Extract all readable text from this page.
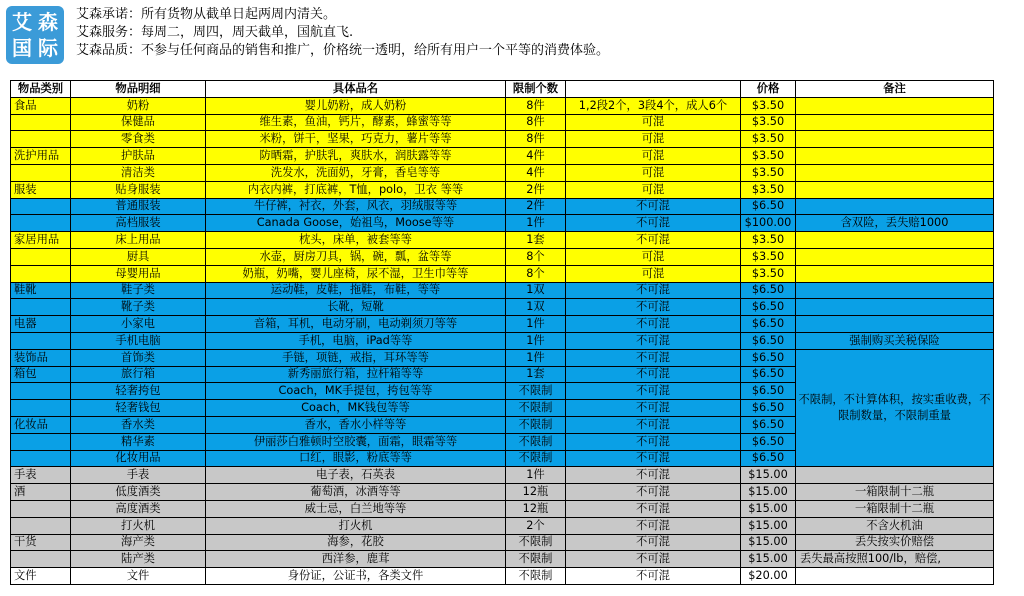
艾 森
国 际
艾森承诺：所有货物从截单日起两周内清关。
艾森服务：每周二，周四，周天截单，国航直飞.
艾森品质：不参与任何商品的销售和推广，价格统一透明，给所有用户一个平等的消费体验。
物品类别	物品明细	具体品名	限制个数		价格	备注
食品	奶粉	婴儿奶粉，成人奶粉	8件	1,2段2个，3段4个，成人6个	$3.50	
	保健品	维生素，鱼油，钙片，酵素，蜂蜜等等	8件	可混	$3.50	
	零食类	米粉，饼干，坚果，巧克力，薯片等等	8件	可混	$3.50	
洗护用品	护肤品	防晒霜，护肤乳，爽肤水，润肤露等等	4件	可混	$3.50	
	清洁类	洗发水，洗面奶，牙膏，香皂等等	4件	可混	$3.50	
服装	贴身服装	内衣内裤，打底裤，T恤，polo，卫衣 等等	2件	可混	$3.50	
	普通服装	牛仔裤，衬衣，外套，风衣，羽绒服等等	2件	不可混	$6.50	
	高档服装	Canada Goose，始祖鸟，Moose等等	1件	不可混	$100.00	含双险，丢失赔1000
家居用品	床上用品	枕头，床单，被套等等	1套	不可混	$3.50	
	厨具	水壶，厨房刀具，锅，碗，瓢，盆等等	8个	可混	$3.50	
	母婴用品	奶瓶，奶嘴，婴儿座椅，尿不湿，卫生巾等等	8个	可混	$3.50	
鞋靴	鞋子类	运动鞋，皮鞋，拖鞋，布鞋，等等	1双	不可混	$6.50	
	靴子类	长靴，短靴	1双	不可混	$6.50	
电器	小家电	音箱，耳机，电动牙刷，电动剃须刀等等	1件	不可混	$6.50	
	手机电脑	手机，电脑，iPad等等	1件	不可混	$6.50	强制购买关税保险
装饰品	首饰类	手链，项链，戒指，耳环等等	1件	不可混	$6.50	不限制，不计算体积，按实重收费，不限制数量，不限制重量
箱包	旅行箱	新秀丽旅行箱，拉杆箱等等	1套	不可混	$6.50	
	轻奢挎包	Coach，MK手提包，挎包等等	不限制	不可混	$6.50	
	轻奢钱包	Coach，MK钱包等等	不限制	不可混	$6.50	
化妆品	香水类	香水，香水小样等等	不限制	不可混	$6.50	
	精华素	伊丽莎白雅顿时空胶囊，面霜，眼霜等等	不限制	不可混	$6.50	
	化妆用品	口红，眼影，粉底等等	不限制	不可混	$6.50	
手表	手表	电子表，石英表	1件	不可混	$15.00	
酒	低度酒类	葡萄酒，冰酒等等	12瓶	不可混	$15.00	一箱限制十二瓶
	高度酒类	威士忌，白兰地等等	12瓶	不可混	$15.00	一箱限制十二瓶
	打火机	打火机	2个	不可混	$15.00	不含火机油
干货	海产类	海参，花胶	不限制	不可混	$15.00	丢失按实价赔偿
	陆产类	西洋参，鹿茸	不限制	不可混	$15.00	丢失最高按照100/lb，赔偿,
文件	文件	身份证，公证书，各类文件	不限制	不可混	$20.00	
